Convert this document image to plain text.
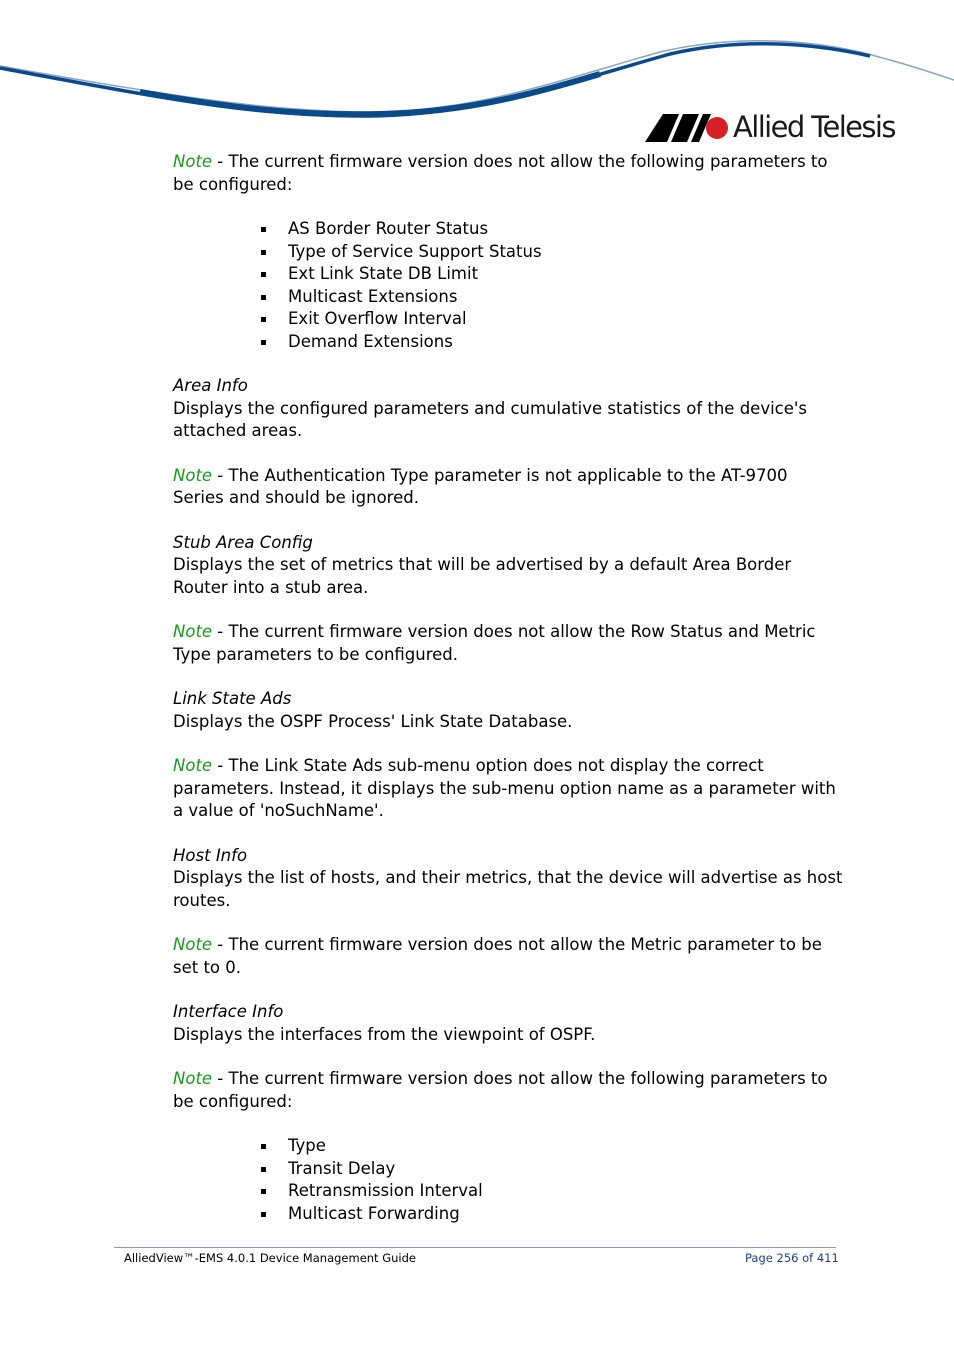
Allied Telesis

Note - The current firmware version does not allow the following parameters to be configured:

AS Border Router Status
Type of Service Support Status
Ext Link State DB Limit
Multicast Extensions
Exit Overflow Interval
Demand Extensions

Area Info

Displays the configured parameters and cumulative statistics of the device's attached areas.

Note - The Authentication Type parameter is not applicable to the AT-9700 Series and should be ignored.

Stub Area Config

Displays the set of metrics that will be advertised by a default Area Border Router into a stub area.

Note - The current firmware version does not allow the Row Status and Metric Type parameters to be configured.

Link State Ads

Displays the OSPF Process' Link State Database.

Note - The Link State Ads sub-menu option does not display the correct parameters. Instead, it displays the sub-menu option name as a parameter with a value of 'noSuchName'.

Host Info

Displays the list of hosts, and their metrics, that the device will advertise as host routes.

Note - The current firmware version does not allow the Metric parameter to be set to 0.

Interface Info

Displays the interfaces from the viewpoint of OSPF.

Note - The current firmware version does not allow the following parameters to be configured:

Type
Transit Delay
Retransmission Interval
Multicast Forwarding
AlliedView™-EMS 4.0.1 Device Management Guide	Page 256 of 411
